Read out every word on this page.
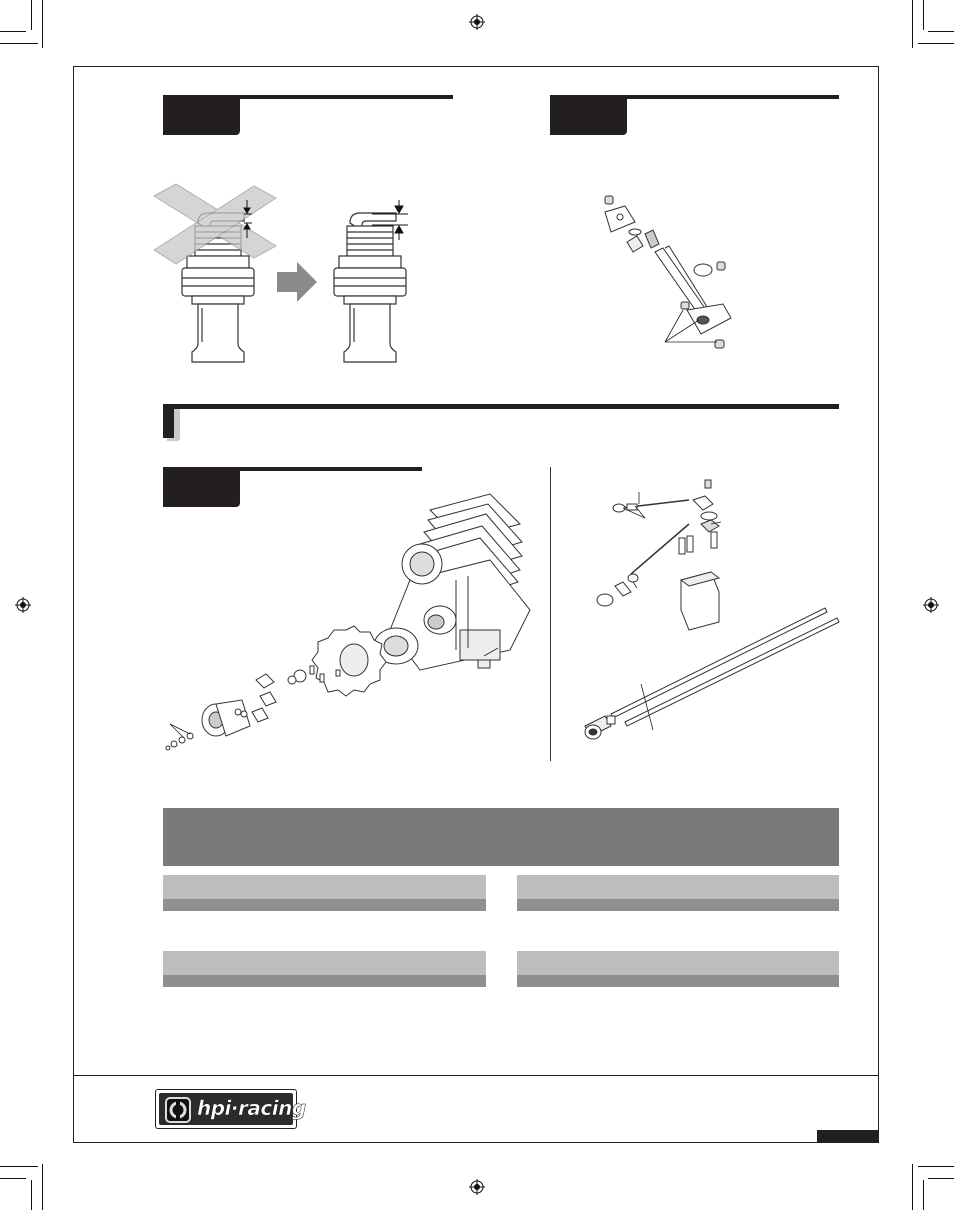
hpi·racing
